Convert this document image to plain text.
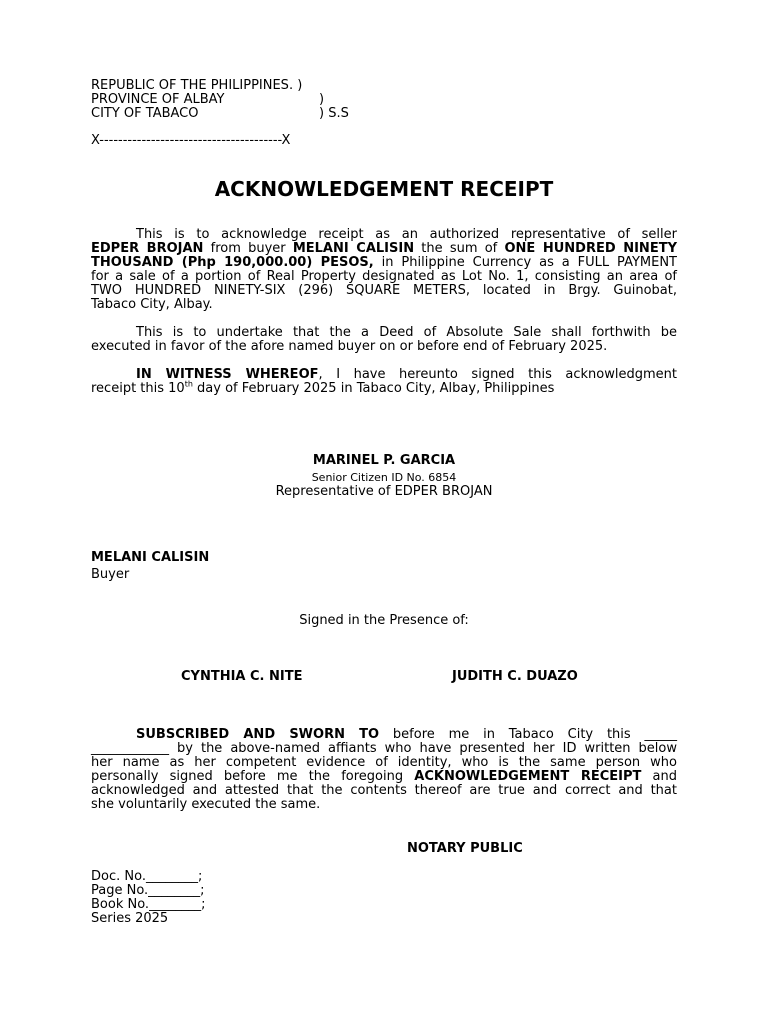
REPUBLIC OF THE PHILIPPINES. )
PROVINCE OF ALBAY	)
CITY OF TABACO	) S.S
X---------------------------------------X
ACKNOWLEDGEMENT RECEIPT
This is to acknowledge receipt as an authorized representative of seller
EDPER BROJAN from buyer MELANI CALISIN the sum of ONE HUNDRED NINETY
THOUSAND (Php 190,000.00) PESOS, in Philippine Currency as a FULL PAYMENT
for a sale of a portion of Real Property designated as Lot No. 1, consisting an area of
TWO HUNDRED NINETY-SIX (296) SQUARE METERS, located in Brgy. Guinobat,
Tabaco City, Albay.
This is to undertake that the a Deed of Absolute Sale shall forthwith be
executed in favor of the afore named buyer on or before end of February 2025.
IN WITNESS WHEREOF, I have hereunto signed this acknowledgment
receipt this 10th day of February 2025 in Tabaco City, Albay, Philippines
MARINEL P. GARCIA
Senior Citizen ID No. 6854
Representative of EDPER BROJAN
MELANI CALISIN
Buyer
Signed in the Presence of:
CYNTHIA C. NITE	JUDITH C. DUAZO
SUBSCRIBED AND SWORN TO before me in Tabaco City this _____
____________ by the above-named affiants who have presented her ID written below
her name as her competent evidence of identity, who is the same person who
personally signed before me the foregoing ACKNOWLEDGEMENT RECEIPT and
acknowledged and attested that the contents thereof are true and correct and that
she voluntarily executed the same.
NOTARY PUBLIC
Doc. No.________;
Page No.________;
Book No.________;
Series 2025
